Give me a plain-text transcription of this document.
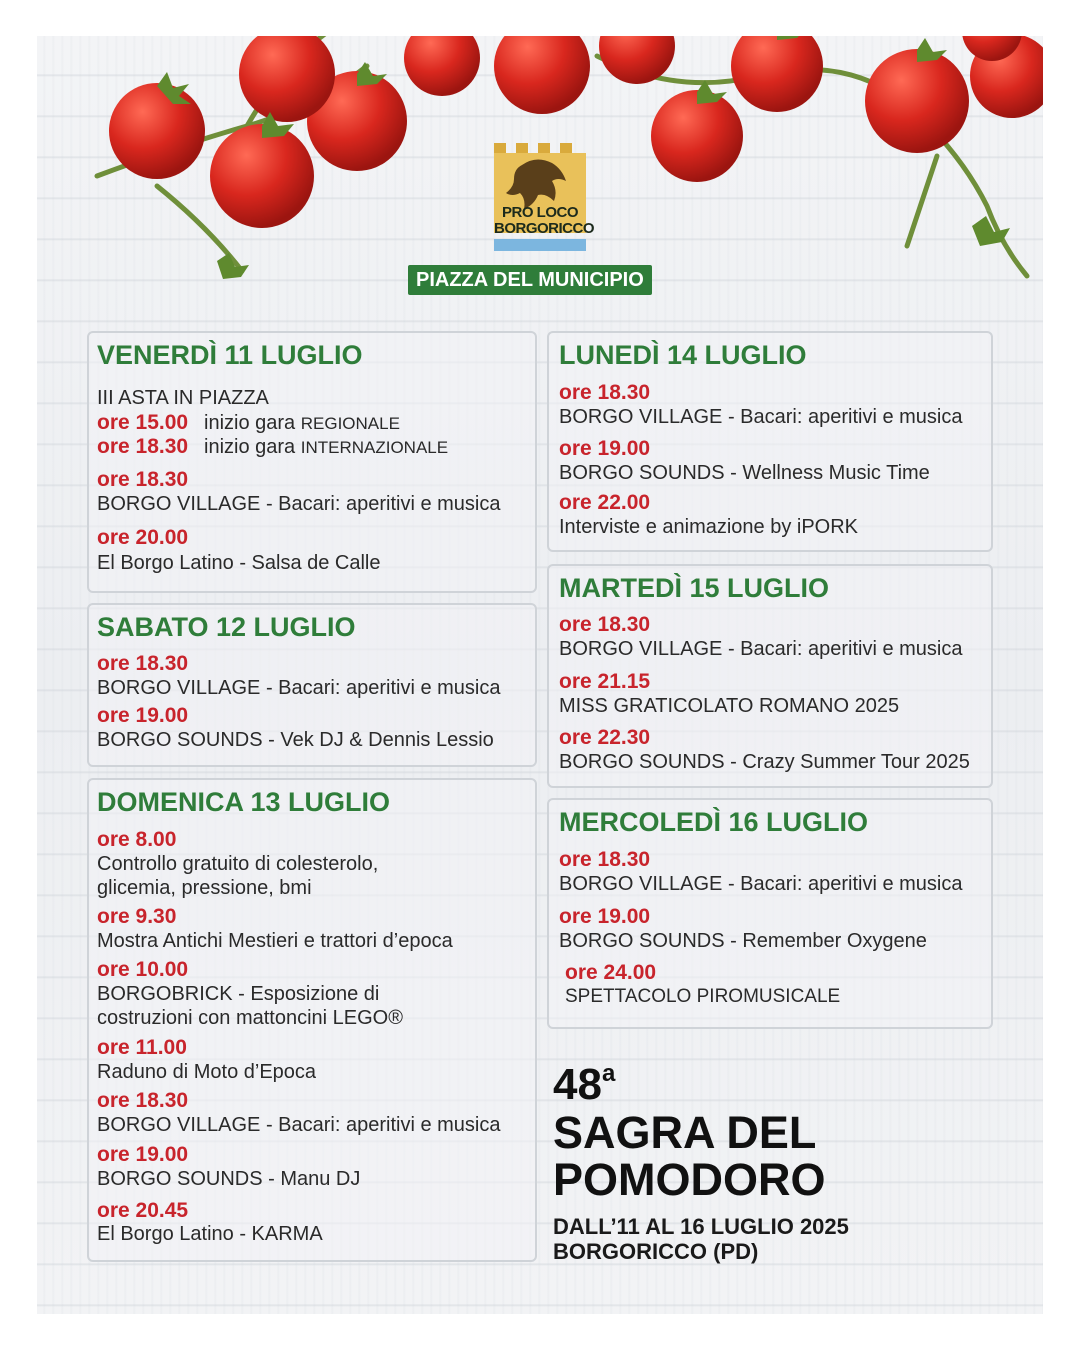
PRO LOCO
BORGORICCO
PIAZZA DEL MUNICIPIO
VENERDÌ 11 LUGLIO
III ASTA IN PIAZZA
ore 15.00 inizio gara REGIONALE
ore 18.30 inizio gara INTERNAZIONALE
ore 18.30
BORGO VILLAGE - Bacari: aperitivi e musica
ore 20.00
El Borgo Latino - Salsa de Calle
SABATO 12 LUGLIO
ore 18.30
BORGO VILLAGE - Bacari: aperitivi e musica
ore 19.00
BORGO SOUNDS - Vek DJ & Dennis Lessio
DOMENICA 13 LUGLIO
ore 8.00
Controllo gratuito di colesterolo,
glicemia, pressione, bmi
ore 9.30
Mostra Antichi Mestieri e trattori d’epoca
ore 10.00
BORGOBRICK - Esposizione di
costruzioni con mattoncini LEGO®
ore 11.00
Raduno di Moto d’Epoca
ore 18.30
BORGO VILLAGE - Bacari: aperitivi e musica
ore 19.00
BORGO SOUNDS - Manu DJ
ore 20.45
El Borgo Latino - KARMA
LUNEDÌ 14 LUGLIO
ore 18.30
BORGO VILLAGE - Bacari: aperitivi e musica
ore 19.00
BORGO SOUNDS - Wellness Music Time
ore 22.00
Interviste e animazione by iPORK
MARTEDÌ 15 LUGLIO
ore 18.30
BORGO VILLAGE - Bacari: aperitivi e musica
ore 21.15
MISS GRATICOLATO ROMANO 2025
ore 22.30
BORGO SOUNDS - Crazy Summer Tour 2025
MERCOLEDÌ 16 LUGLIO
ore 18.30
BORGO VILLAGE - Bacari: aperitivi e musica
ore 19.00
BORGO SOUNDS - Remember Oxygene
ore 24.00
SPETTACOLO PIROMUSICALE
48$^a$
SAGRA DEL
POMODORO
DALL’11 AL 16 LUGLIO 2025
BORGORICCO (PD)
